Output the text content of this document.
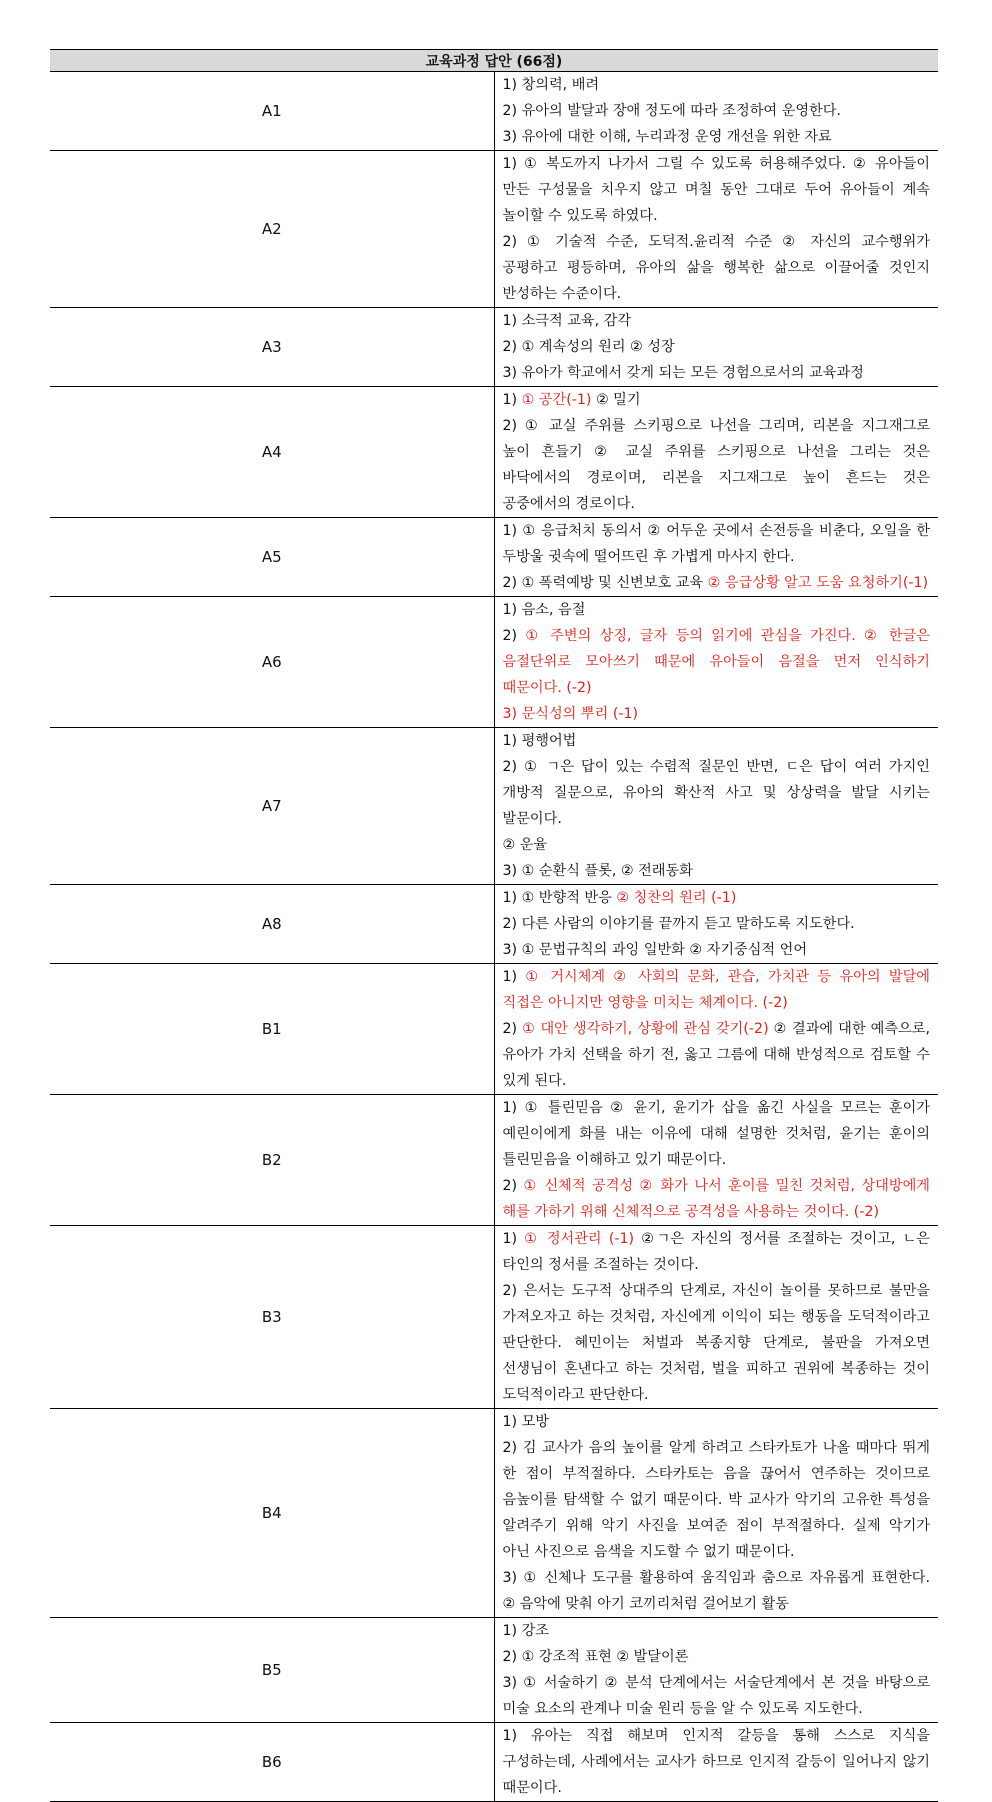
교육과정 답안 (66점)	
A1	1) 창의력, 배려
2) 유아의 발달과 장애 정도에 따라 조정하여 운영한다.
3) 유아에 대한 이해, 누리과정 운영 개선을 위한 자료

A2	1) ① 복도까지 나가서 그릴 수 있도록 허용해주었다. ② 유아들이 만든 구성물을 치우지 않고 며칠 동안 그대로 두어 유아들이 계속 놀이할 수 있도록 하였다.
2) ① 기술적 수준, 도덕적.윤리적 수준 ② 자신의 교수행위가 공평하고 평등하며, 유아의 삶을 행복한 삶으로 이끌어줄 것인지 반성하는 수준이다.

A3	1) 소극적 교육, 감각
2) ① 계속성의 원리 ② 성장
3) 유아가 학교에서 갖게 되는 모든 경험으로서의 교육과정

A4	1) ① 공간(-1) ② 밀기
2) ① 교실 주위를 스키핑으로 나선을 그리며, 리본을 지그재그로 높이 흔들기 ② 교실 주위를 스키핑으로 나선을 그리는 것은 바닥에서의 경로이며, 리본을 지그재그로 높이 흔드는 것은 공중에서의 경로이다.

A5	1) ① 응급처치 동의서 ② 어두운 곳에서 손전등을 비춘다, 오일을 한 두방울 귓속에 떨어뜨린 후 가볍게 마사지 한다.
2) ① 폭력예방 및 신변보호 교육 ② 응급상황 알고 도움 요청하기(-1)

A6	1) 음소, 음절
2) ① 주변의 상징, 글자 등의 읽기에 관심을 가진다. ② 한글은 음절단위로 모아쓰기 때문에 유아들이 음절을 먼저 인식하기 때문이다. (-2)
3) 문식성의 뿌리 (-1)

A7	1) 평행어법
2) ① ㄱ은 답이 있는 수렴적 질문인 반면, ㄷ은 답이 여러 가지인 개방적 질문으로, 유아의 확산적 사고 및 상상력을 발달 시키는 발문이다.
② 운율
3) ① 순환식 플롯, ② 전래동화

A8	1) ① 반향적 반응 ② 칭찬의 원리 (-1)
2) 다른 사람의 이야기를 끝까지 듣고 말하도록 지도한다.
3) ① 문법규칙의 과잉 일반화 ② 자기중심적 언어

B1	1) ① 거시체계 ② 사회의 문화, 관습, 가치관 등 유아의 발달에 직접은 아니지만 영향을 미치는 체계이다. (-2)
2) ① 대안 생각하기, 상황에 관심 갖기(-2) ② 결과에 대한 예측으로, 유아가 가치 선택을 하기 전, 옳고 그름에 대해 반성적으로 검토할 수 있게 된다.

B2	1) ① 틀린믿음 ② 윤기, 윤기가 삽을 옮긴 사실을 모르는 훈이가 예린이에게 화를 내는 이유에 대해 설명한 것처럼, 윤기는 훈이의 틀린믿음을 이해하고 있기 때문이다.
2) ① 신체적 공격성 ② 화가 나서 훈이를 밀친 것처럼, 상대방에게 해를 가하기 위해 신체적으로 공격성을 사용하는 것이다. (-2)

B3	1) ① 정서관리 (-1) ②ㄱ은 자신의 정서를 조절하는 것이고, ㄴ은 타인의 정서를 조절하는 것이다.
2) 은서는 도구적 상대주의 단계로, 자신이 놀이를 못하므로 불만을 가져오자고 하는 것처럼, 자신에게 이익이 되는 행동을 도덕적이라고 판단한다. 혜민이는 처벌과 복종지향 단계로, 불판을 가져오면 선생님이 혼낸다고 하는 것처럼, 벌을 피하고 권위에 복종하는 것이 도덕적이라고 판단한다.

B4	1) 모방
2) 김 교사가 음의 높이를 알게 하려고 스타카토가 나올 때마다 뛰게 한 점이 부적절하다. 스타카토는 음을 끊어서 연주하는 것이므로 음높이를 탐색할 수 없기 때문이다. 박 교사가 악기의 고유한 특성을 알려주기 위해 악기 사진을 보여준 점이 부적절하다. 실제 악기가 아닌 사진으로 음색을 지도할 수 없기 때문이다.
3) ① 신체나 도구를 활용하여 움직임과 춤으로 자유롭게 표현한다. ② 음악에 맞춰 아기 코끼리처럼 걸어보기 활동

B5	1) 강조
2) ① 강조적 표현 ② 발달이론
3) ① 서술하기 ② 분석 단계에서는 서술단계에서 본 것을 바탕으로 미술 요소의 관계나 미술 원리 등을 알 수 있도록 지도한다.

B6	1) 유아는 직접 해보며 인지적 갈등을 통해 스스로 지식을 구성하는데, 사례에서는 교사가 하므로 인지적 갈등이 일어나지 않기 때문이다.
